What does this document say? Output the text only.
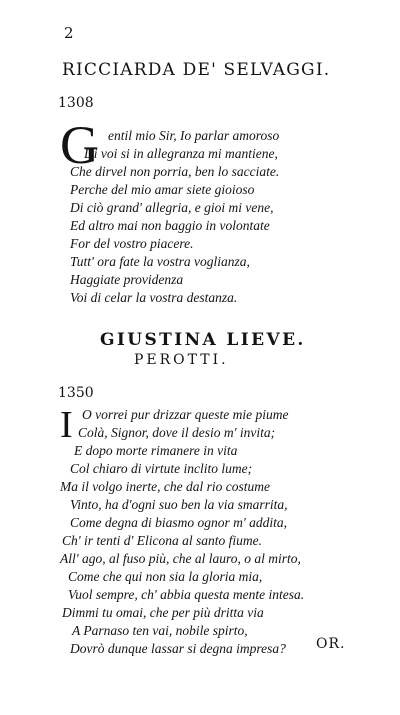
2
RICCIARDA DE' SELVAGGI.
1308
G entil mio Sir, Io parlar amoroso
Di voi si in allegranza mi mantiene,
Che dirvel non porria, ben lo sacciate.
Perche del mio amar siete gioioso
Di ciò grand' allegria, e gioi mi vene,
Ed altro mai non baggio in volontate
For del vostro piacere.
Tutt' ora fate la vostra voglianza,
Haggiate providenza
Voi di celar la vostra destanza.
GIUSTINA LIEVE.
PEROTTI.
1350
I O vorrei pur drizzar queste mie piume
Colà, Signor, dove il desio m' invita;
E dopo morte rimanere in vita
Col chiaro di virtute inclito lume;
Ma il volgo inerte, che dal rio costume
Vinto, ha d'ogni suo ben la via smarrita,
Come degna di biasmo ognor m' addita,
Ch' ir tenti d' Elicona al santo fiume.
All' ago, al fuso più, che al lauro, o al mirto,
Come che qui non sia la gloria mia,
Vuol sempre, ch' abbia questa mente intesa.
Dimmi tu omai, che per più dritta via
A Parnaso ten vai, nobile spirto,
Dovrò dunque lassar si degna impresa? OR.
